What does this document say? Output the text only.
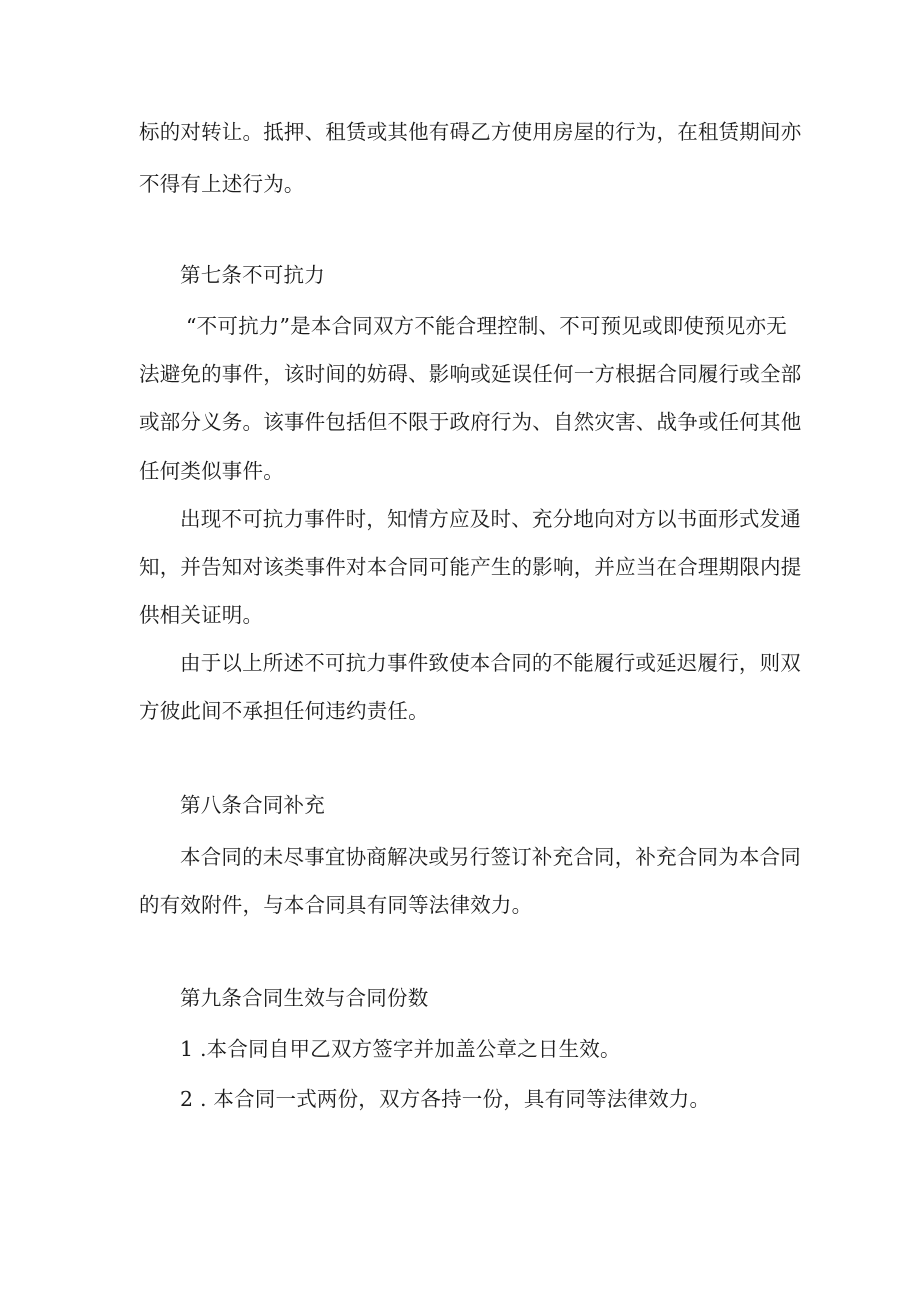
标的对转让。抵押、租赁或其他有碍乙方使用房屋的行为，在租赁期间亦
不得有上述行为。
第七条不可抗力
“不可抗力”是本合同双方不能合理控制、不可预见或即使预见亦无
法避免的事件，该时间的妨碍、影响或延误任何一方根据合同履行或全部
或部分义务。该事件包括但不限于政府行为、自然灾害、战争或任何其他
任何类似事件。
出现不可抗力事件时，知情方应及时、充分地向对方以书面形式发通
知，并告知对该类事件对本合同可能产生的影响，并应当在合理期限内提
供相关证明。
由于以上所述不可抗力事件致使本合同的不能履行或延迟履行，则双
方彼此间不承担任何违约责任。
第八条合同补充
本合同的未尽事宜协商解决或另行签订补充合同，补充合同为本合同
的有效附件，与本合同具有同等法律效力。
第九条合同生效与合同份数
1 .本合同自甲乙双方签字并加盖公章之日生效。
2 . 本合同一式两份，双方各持一份，具有同等法律效力。
